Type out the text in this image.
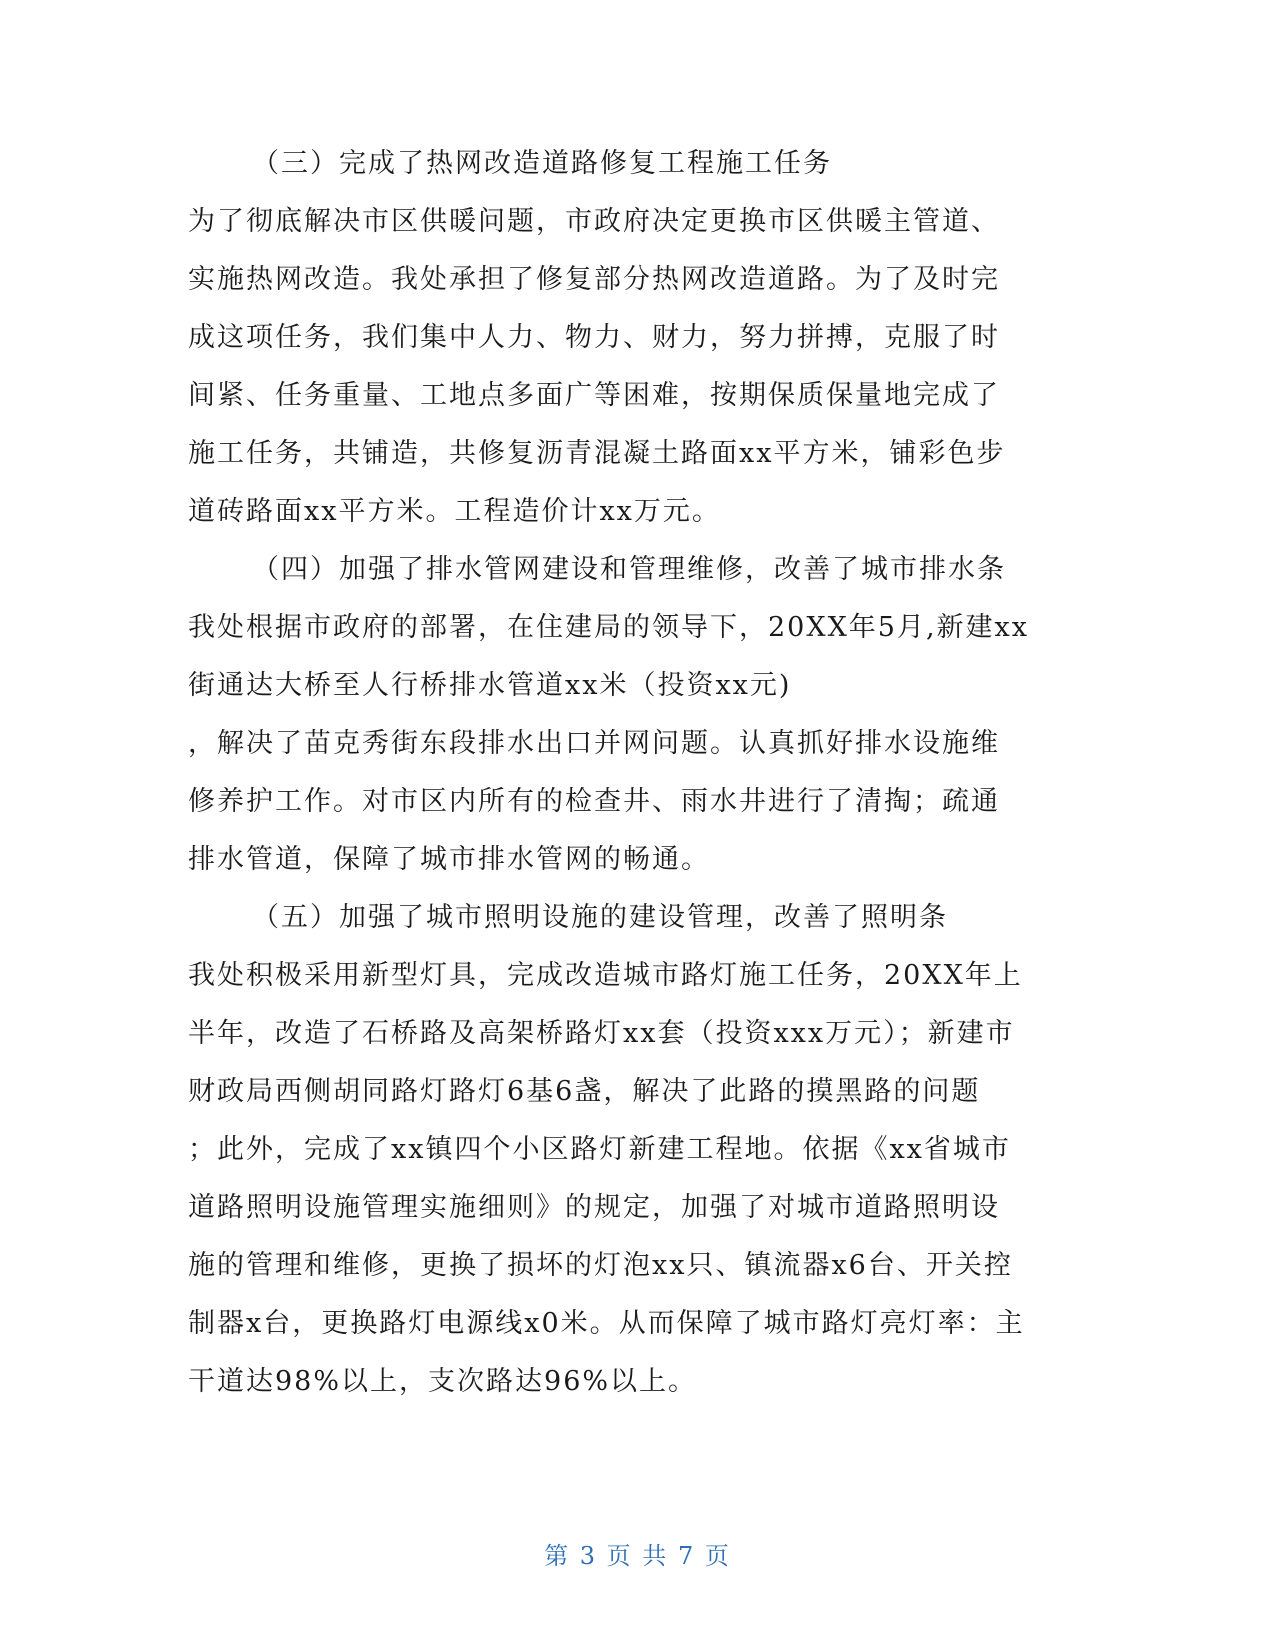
（三）完成了热网改造道路修复工程施工任务
为了彻底解决市区供暖问题，市政府决定更换市区供暖主管道、
实施热网改造。我处承担了修复部分热网改造道路。为了及时完
成这项任务，我们集中人力、物力、财力，努力拼搏，克服了时
间紧、任务重量、工地点多面广等困难，按期保质保量地完成了
施工任务，共铺造，共修复沥青混凝土路面xx平方米，铺彩色步
道砖路面xx平方米。工程造价计xx万元。
（四）加强了排水管网建设和管理维修，改善了城市排水条
我处根据市政府的部署，在住建局的领导下，20XX年5月,新建xx
街通达大桥至人行桥排水管道xx米（投资xx元)
，解决了苗克秀街东段排水出口并网问题。认真抓好排水设施维
修养护工作。对市区内所有的检查井、雨水井进行了清掏；疏通
排水管道，保障了城市排水管网的畅通。
（五）加强了城市照明设施的建设管理，改善了照明条
我处积极采用新型灯具，完成改造城市路灯施工任务，20XX年上
半年，改造了石桥路及高架桥路灯xx套（投资xxx万元）；新建市
财政局西侧胡同路灯路灯6基6盏，解决了此路的摸黑路的问题
；此外，完成了xx镇四个小区路灯新建工程地。依据《xx省城市
道路照明设施管理实施细则》的规定，加强了对城市道路照明设
施的管理和维修，更换了损坏的灯泡xx只、镇流器x6台、开关控
制器x台，更换路灯电源线x0米。从而保障了城市路灯亮灯率：主
干道达98%以上，支次路达96%以上。
第 3 页 共 7 页
